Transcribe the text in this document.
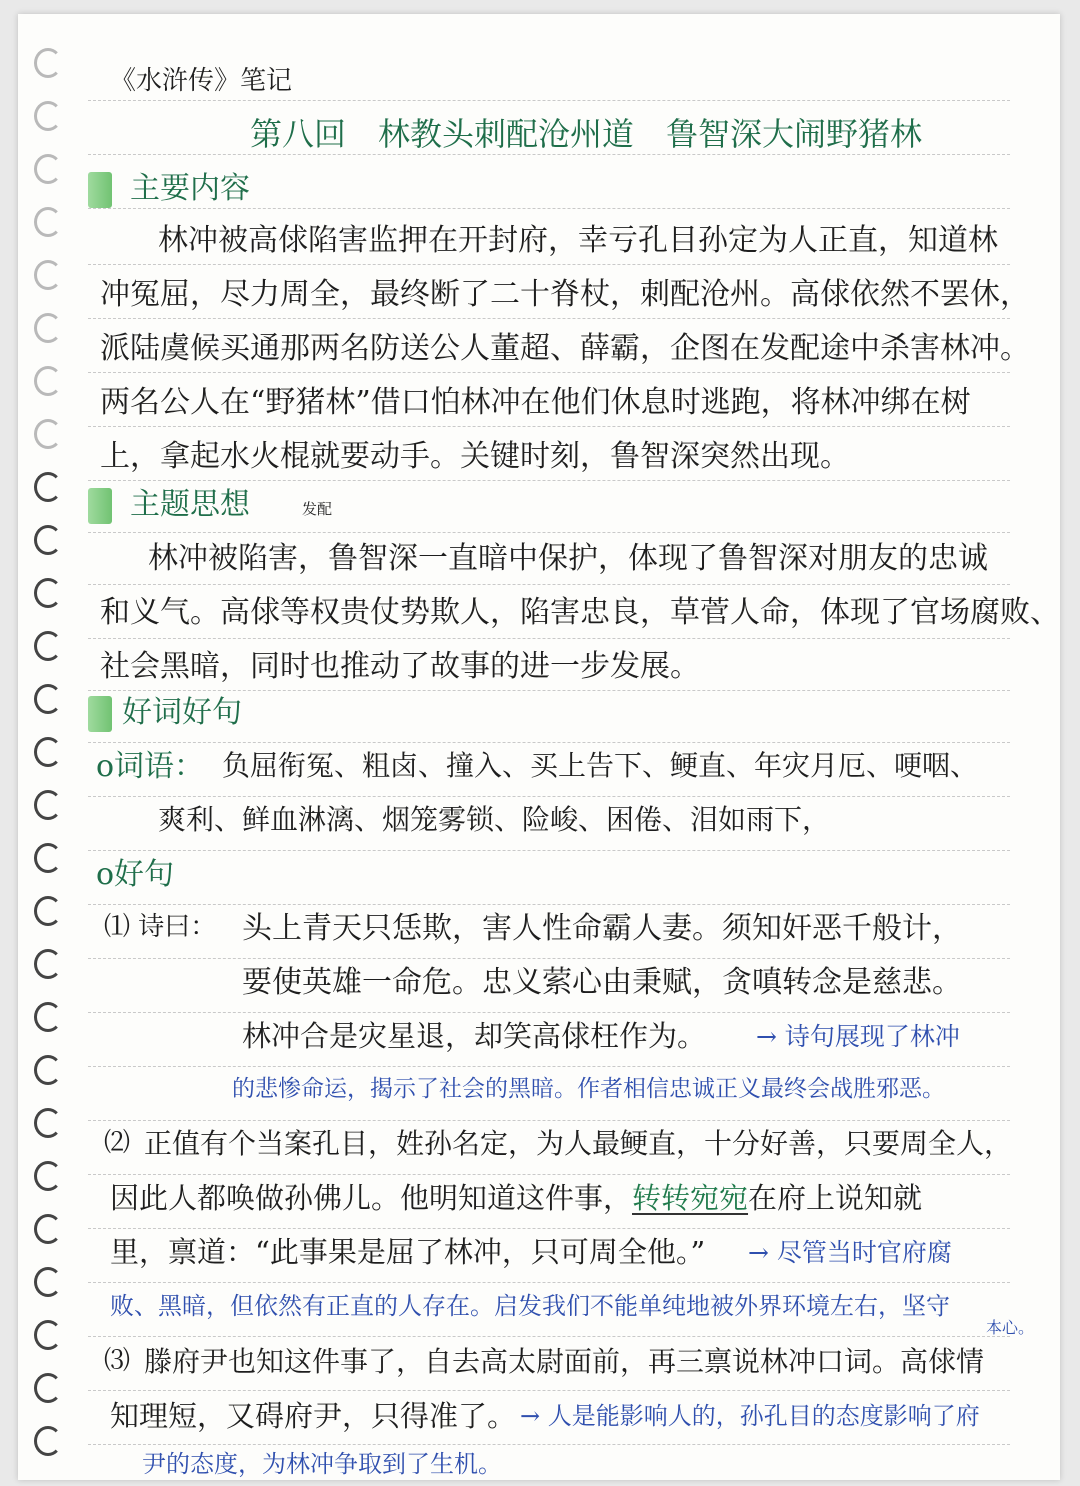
《水浒传》笔记
第八回　林教头刺配沧州道　鲁智深大闹野猪林
主要内容
林冲被高俅陷害监押在开封府，幸亏孔目孙定为人正直，知道林
冲冤屈，尽力周全，最终断了二十脊杖，刺配沧州。高俅依然不罢休，
派陆虞候买通那两名防送公人董超、薛霸，企图在发配途中杀害林冲。
两名公人在“野猪林”借口怕林冲在他们休息时逃跑，将林冲绑在树
上，拿起水火棍就要动手。关键时刻，鲁智深突然出现。
主题思想	发配
林冲被陷害，鲁智深一直暗中保护，体现了鲁智深对朋友的忠诚
和义气。高俅等权贵仗势欺人，陷害忠良，草菅人命，体现了官场腐败、
社会黑暗，同时也推动了故事的进一步发展。
好词好句
o词语： 负屈衔冤、粗卤、撞入、买上告下、鲠直、年灾月厄、哽咽、
爽利、鲜血淋漓、烟笼雾锁、险峻、困倦、泪如雨下，
o好句
⑴ 诗曰： 头上青天只恁欺，害人性命霸人妻。须知奸恶千般计，
要使英雄一命危。忠义萦心由秉赋，贪嗔转念是慈悲。
林冲合是灾星退，却笑高俅枉作为。 → 诗句展现了林冲
的悲惨命运，揭示了社会的黑暗。作者相信忠诚正义最终会战胜邪恶。
⑵ 正值有个当案孔目，姓孙名定，为人最鲠直，十分好善，只要周全人，
因此人都唤做孙佛儿。他明知道这件事，转转宛宛在府上说知就
里，禀道：“此事果是屈了林冲，只可周全他。” → 尽管当时官府腐
败、黑暗，但依然有正直的人存在。启发我们不能单纯地被外界环境左右，坚守
本心。
⑶ 滕府尹也知这件事了，自去高太尉面前，再三禀说林冲口词。高俅情
知理短，又碍府尹，只得准了。 → 人是能影响人的，孙孔目的态度影响了府
尹的态度，为林冲争取到了生机。
